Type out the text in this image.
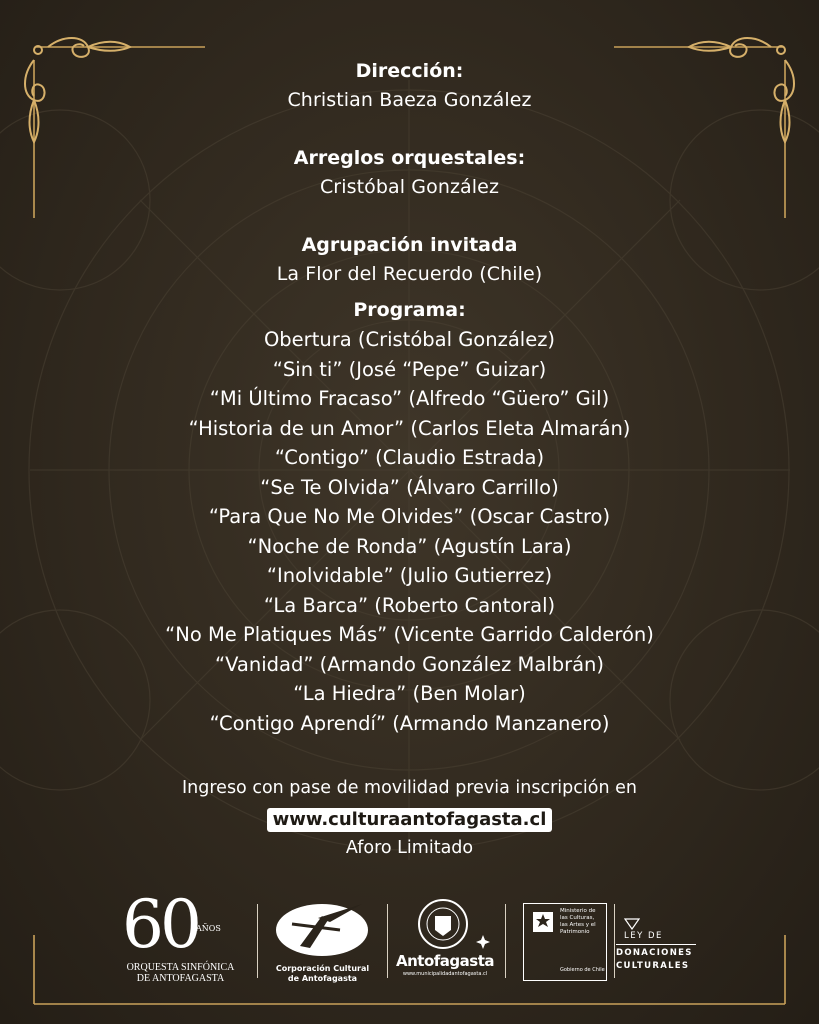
Dirección:
Christian Baeza González
Arreglos orquestales:
Cristóbal González
Agrupación invitada
La Flor del Recuerdo (Chile)
Programa:
Obertura (Cristóbal González)
“Sin ti” (José “Pepe” Guizar)
“Mi Último Fracaso” (Alfredo “Güero” Gil)
“Historia de un Amor” (Carlos Eleta Almarán)
“Contigo” (Claudio Estrada)
“Se Te Olvida” (Álvaro Carrillo)
“Para Que No Me Olvides” (Oscar Castro)
“Noche de Ronda” (Agustín Lara)
“Inolvidable” (Julio Gutierrez)
“La Barca” (Roberto Cantoral)
“No Me Platiques Más” (Vicente Garrido Calderón)
“Vanidad” (Armando González Malbrán)
“La Hiedra” (Ben Molar)
“Contigo Aprendí” (Armando Manzanero)
Ingreso con pase de movilidad previa inscripción en
www.culturaantofagasta.cl
Aforo Limitado
60
AÑOS
ORQUESTA SINFÓNICA
DE ANTOFAGASTA
Corporación Cultural
de Antofagasta
Antofagasta
www.municipalidadantofagasta.cl
Ministerio de
las Culturas,
las Artes y el
Patrimonio
Gobierno de Chile
LEY DE
DONACIONES
CULTURALES
